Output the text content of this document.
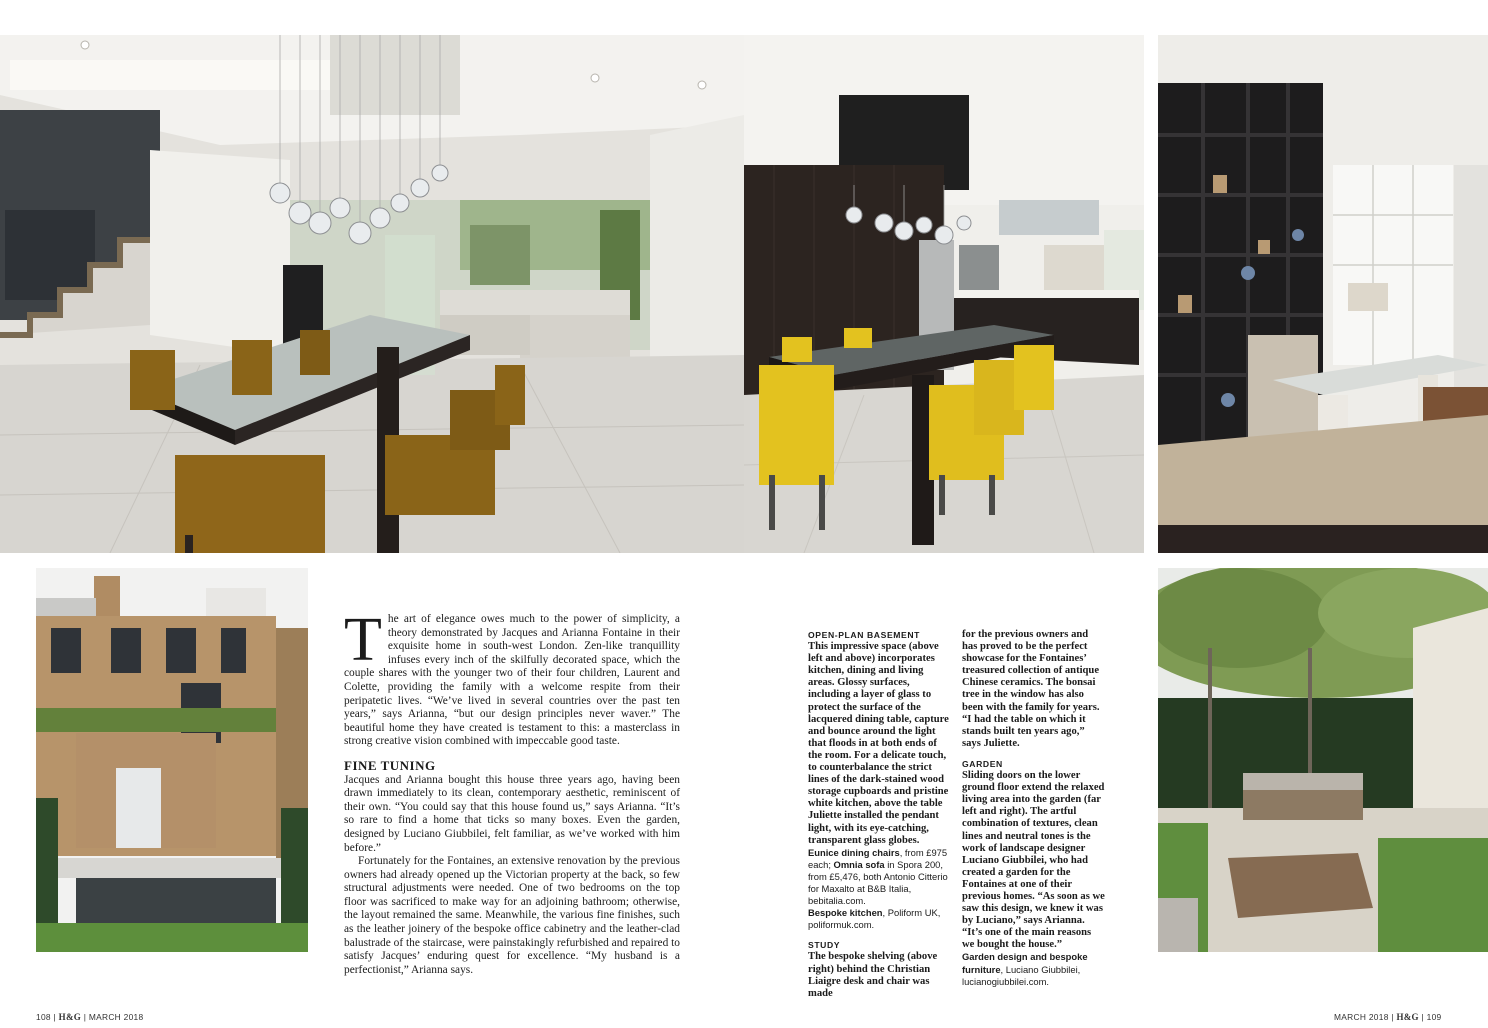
The art of elegance owes much to the power of simplicity, a theory demonstrated by Jacques and Arianna Fontaine in their exquisite home in south-west London. Zen-like tranquillity infuses every inch of the skilfully decorated space, which the couple shares with the younger two of their four children, Laurent and Colette, providing the family with a welcome respite from their peripatetic lives. “We’ve lived in several countries over the past ten years,” says Arianna, “but our design principles never waver.” The beautiful home they have created is testament to this: a masterclass in strong creative vision combined with impeccable good taste.

FINE TUNING

Jacques and Arianna bought this house three years ago, having been drawn immediately to its clean, contemporary aesthetic, reminiscent of their own. “You could say that this house found us,” says Arianna. “It’s so rare to find a home that ticks so many boxes. Even the garden, designed by Luciano Giubbilei, felt familiar, as we’ve worked with him before.”

Fortunately for the Fontaines, an extensive renovation by the previous owners had already opened up the Victorian property at the back, so few structural adjustments were needed. One of two bedrooms on the top floor was sacrificed to make way for an adjoining bathroom; otherwise, the layout remained the same. Meanwhile, the various fine finishes, such as the leather joinery of the bespoke office cabinetry and the leather-clad balustrade of the staircase, were painstakingly refurbished and repaired to satisfy Jacques’ enduring quest for excellence. “My husband is a perfectionist,” Arianna says.

OPEN-PLAN BASEMENT
This impressive space (above left and above) incorporates kitchen, dining and living areas. Glossy surfaces, including a layer of glass to protect the surface of the lacquered dining table, capture and bounce around the light that floods in at both ends of the room. For a delicate touch, to counterbalance the strict lines of the dark-stained wood storage cupboards and pristine white kitchen, above the table Juliette installed the pendant light, with its eye-catching, transparent glass globes.
Eunice dining chairs, from £975 each; Omnia sofa in Spora 200, from £5,476, both Antonio Citterio for Maxalto at B&B Italia, bebitalia.com.
Bespoke kitchen, Poliform UK, poliformuk.com.
STUDY
The bespoke shelving (above right) behind the Christian Liaigre desk and chair was made
for the previous owners and has proved to be the perfect showcase for the Fontaines’ treasured collection of antique Chinese ceramics. The bonsai tree in the window has also been with the family for years. “I had the table on which it stands built ten years ago,” says Juliette.
GARDEN
Sliding doors on the lower ground floor extend the relaxed living area into the garden (far left and right). The artful combination of textures, clean lines and neutral tones is the work of landscape designer Luciano Giubbilei, who had created a garden for the Fontaines at one of their previous homes. “As soon as we saw this design, we knew it was by Luciano,” says Arianna. “It’s one of the main reasons we bought the house.”
Garden design and bespoke furniture, Luciano Giubbilei, lucianogiubbilei.com.
108 | H&G | MARCH 2018	MARCH 2018 | H&G | 109
